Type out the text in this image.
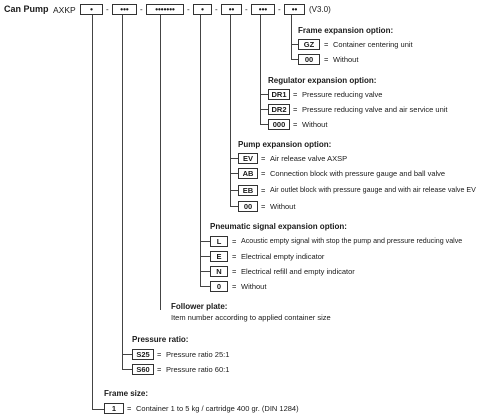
Can Pump AXKP	•	-	•••	-	•••••••	-	•	-	••	-	•••	-	••	(V3.0)
Frame expansion option:
GZ	= Container centering unit
00	= Without
Regulator expansion option:
DR1 = Pressure reducing valve
DR2 = Pressure reducing valve and air service unit
000	= Without
Pump expansion option:
EV	= Air release valve AXSP
AB	= Connection block with pressure gauge and ball valve
EB	= Air outlet block with pressure gauge and with air release valve EV
00	= Without
Pneumatic signal expansion option:
L	= Acoustic empty signal with stop the pump and pressure reducing valve
E	= Electrical empty indicator
N	= Electrical refill and empty indicator
0	= Without
Follower plate:
Item number according to applied container size
Pressure ratio:
S25 = Pressure ratio 25:1
S60 = Pressure ratio 60:1
Frame size:
1	= Container 1 to 5 kg / cartridge 400 gr. (DIN 1284)
